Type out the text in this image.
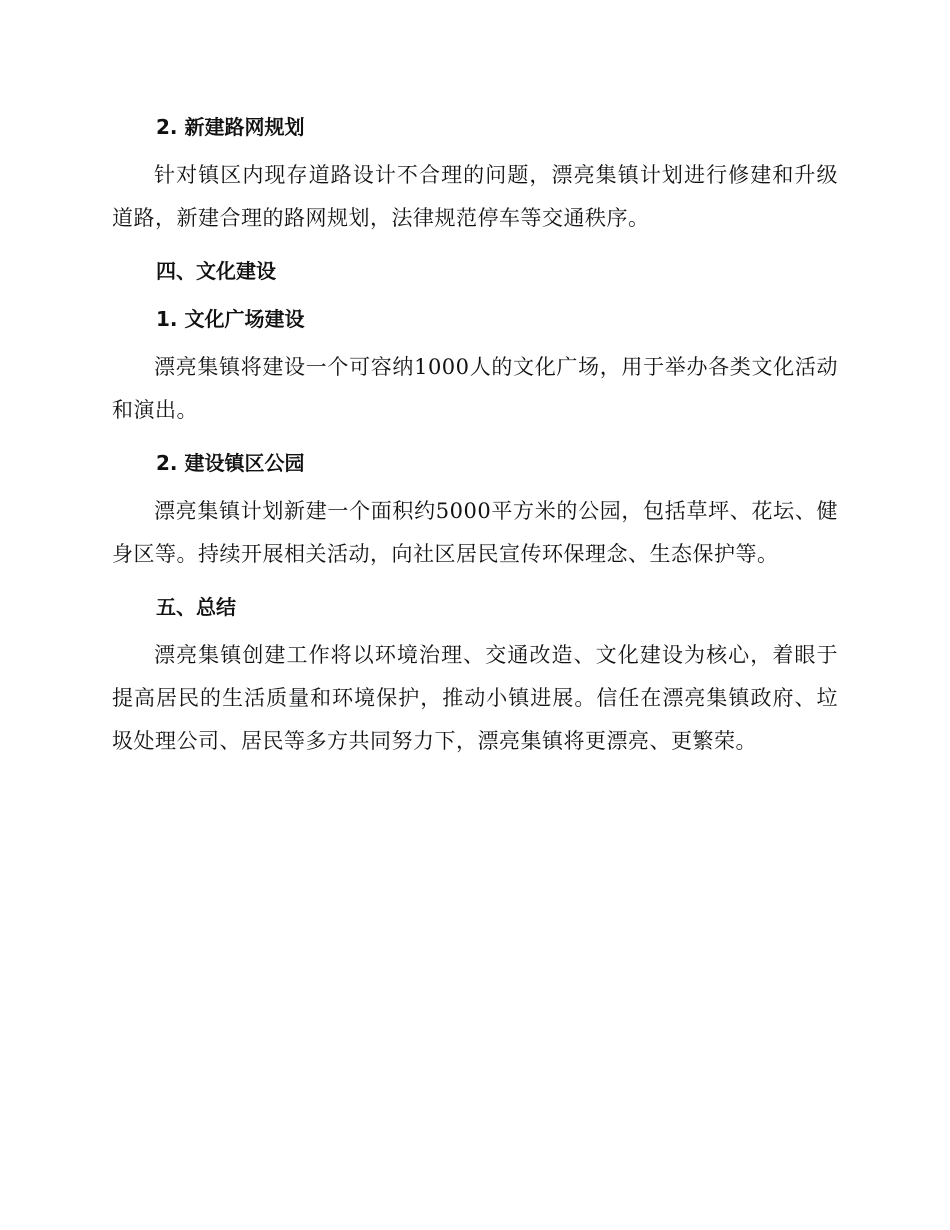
2. 新建路网规划

针对镇区内现存道路设计不合理的问题，漂亮集镇计划进行修建和升级道路，新建合理的路网规划，法律规范停车等交通秩序。

四、文化建设
1. 文化广场建设

漂亮集镇将建设一个可容纳1000人的文化广场，用于举办各类文化活动和演出。

2. 建设镇区公园

漂亮集镇计划新建一个面积约5000平方米的公园，包括草坪、花坛、健身区等。持续开展相关活动，向社区居民宣传环保理念、生态保护等。

五、总结

漂亮集镇创建工作将以环境治理、交通改造、文化建设为核心，着眼于提高居民的生活质量和环境保护，推动小镇进展。信任在漂亮集镇政府、垃圾处理公司、居民等多方共同努力下，漂亮集镇将更漂亮、更繁荣。
